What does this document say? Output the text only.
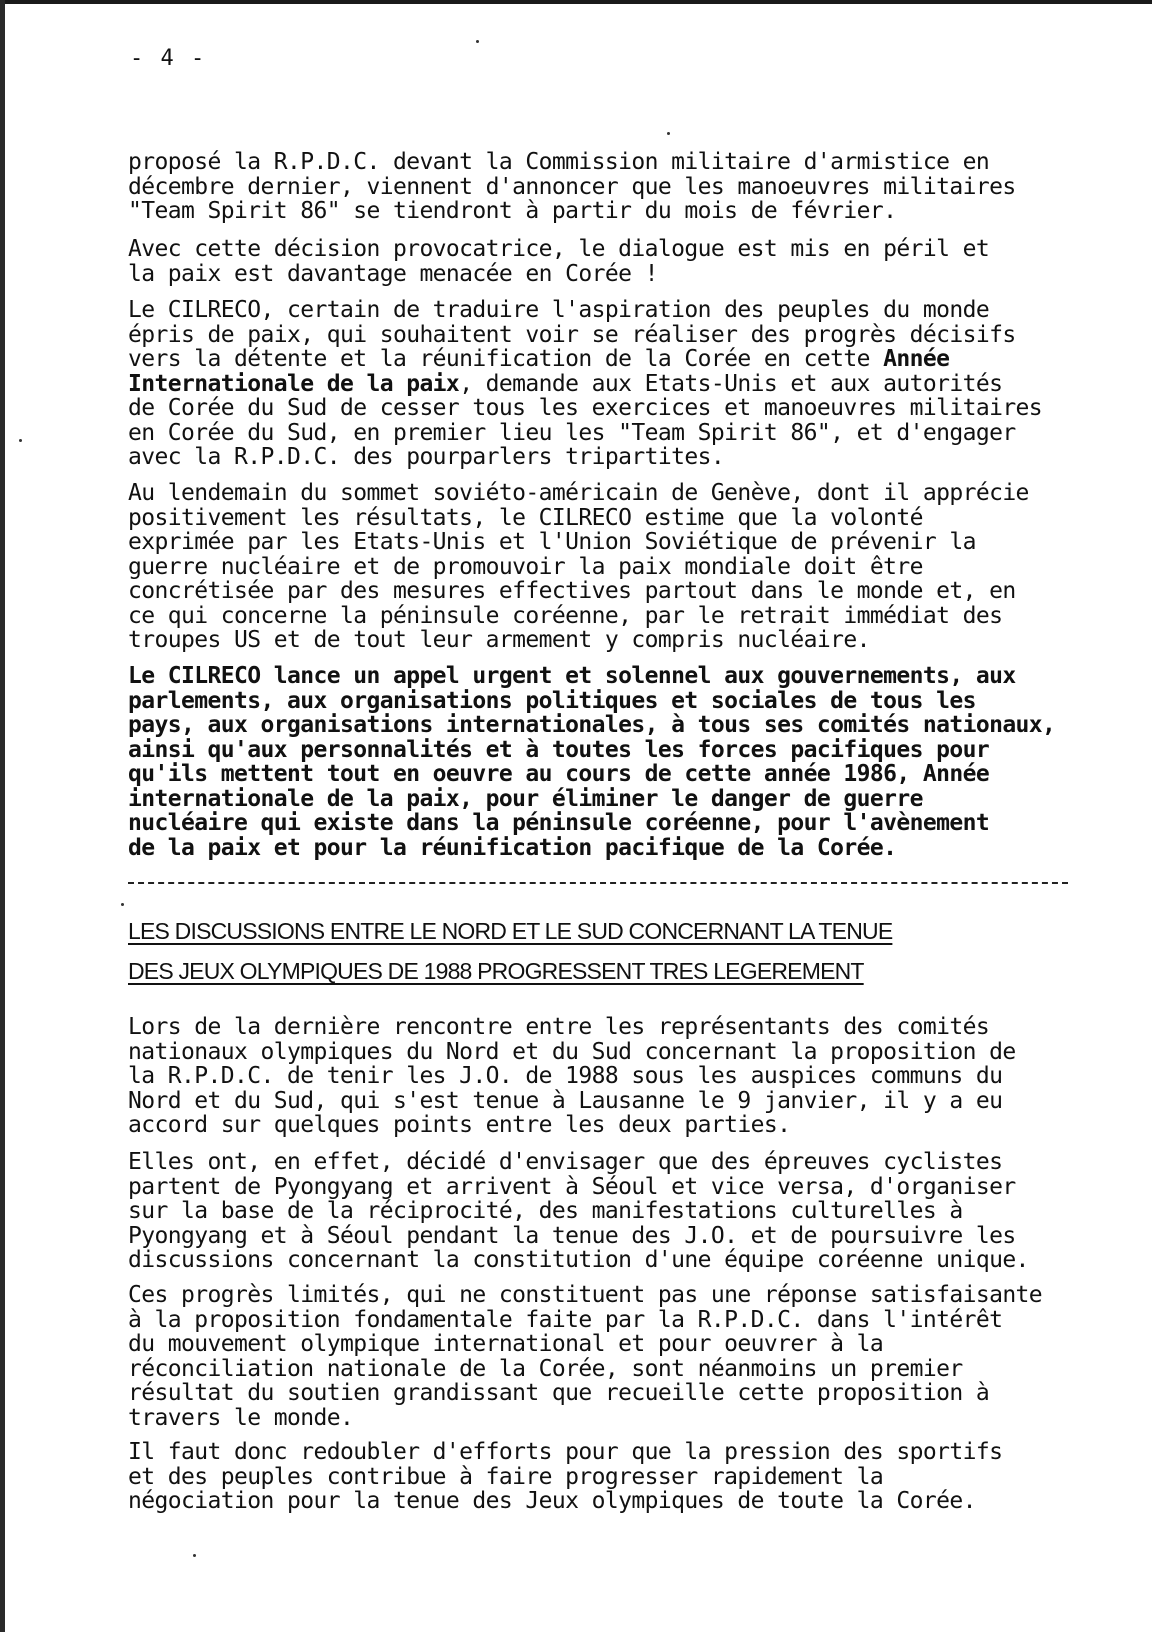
- 4 -

proposé la R.P.D.C. devant la Commission militaire d'armistice en
décembre dernier, viennent d'annoncer que les manoeuvres militaires
"Team Spirit 86" se tiendront à partir du mois de février.

Avec cette décision provocatrice, le dialogue est mis en péril et
la paix est davantage menacée en Corée !

Le CILRECO, certain de traduire l'aspiration des peuples du monde
épris de paix, qui souhaitent voir se réaliser des progrès décisifs
vers la détente et la réunification de la Corée en cette Année
Internationale de la paix, demande aux Etats-Unis et aux autorités
de Corée du Sud de cesser tous les exercices et manoeuvres militaires
en Corée du Sud, en premier lieu les "Team Spirit 86", et d'engager
avec la R.P.D.C. des pourparlers tripartites.

Au lendemain du sommet soviéto-américain de Genève, dont il apprécie
positivement les résultats, le CILRECO estime que la volonté
exprimée par les Etats-Unis et l'Union Soviétique de prévenir la
guerre nucléaire et de promouvoir la paix mondiale doit être
concrétisée par des mesures effectives partout dans le monde et, en
ce qui concerne la péninsule coréenne, par le retrait immédiat des
troupes US et de tout leur armement y compris nucléaire.

Le CILRECO lance un appel urgent et solennel aux gouvernements, aux
parlements, aux organisations politiques et sociales de tous les
pays, aux organisations internationales, à tous ses comités nationaux,
ainsi qu'aux personnalités et à toutes les forces pacifiques pour
qu'ils mettent tout en oeuvre au cours de cette année 1986, Année
internationale de la paix, pour éliminer le danger de guerre
nucléaire qui existe dans la péninsule coréenne, pour l'avènement
de la paix et pour la réunification pacifique de la Corée.

LES DISCUSSIONS ENTRE LE NORD ET LE SUD CONCERNANT LA TENUE
DES JEUX OLYMPIQUES DE 1988 PROGRESSENT TRES LEGEREMENT

Lors de la dernière rencontre entre les représentants des comités
nationaux olympiques du Nord et du Sud concernant la proposition de
la R.P.D.C. de tenir les J.O. de 1988 sous les auspices communs du
Nord et du Sud, qui s'est tenue à Lausanne le 9 janvier, il y a eu
accord sur quelques points entre les deux parties.

Elles ont, en effet, décidé d'envisager que des épreuves cyclistes
partent de Pyongyang et arrivent à Séoul et vice versa, d'organiser
sur la base de la réciprocité, des manifestations culturelles à
Pyongyang et à Séoul pendant la tenue des J.O. et de poursuivre les
discussions concernant la constitution d'une équipe coréenne unique.

Ces progrès limités, qui ne constituent pas une réponse satisfaisante
à la proposition fondamentale faite par la R.P.D.C. dans l'intérêt
du mouvement olympique international et pour oeuvrer à la
réconciliation nationale de la Corée, sont néanmoins un premier
résultat du soutien grandissant que recueille cette proposition à
travers le monde.

Il faut donc redoubler d'efforts pour que la pression des sportifs
et des peuples contribue à faire progresser rapidement la
négociation pour la tenue des Jeux olympiques de toute la Corée.
